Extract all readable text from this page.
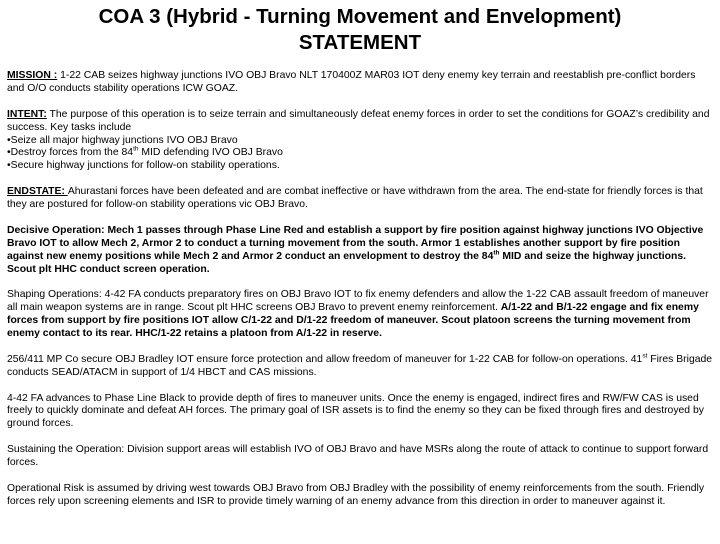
COA 3 (Hybrid - Turning Movement and Envelopment)
STATEMENT
MISSION : 1-22 CAB seizes highway junctions IVO OBJ Bravo NLT 170400Z MAR03 IOT deny enemy key terrain and reestablish pre-conflict borders and O/O conducts stability operations ICW GOAZ.
INTENT: The purpose of this operation is to seize terrain and simultaneously defeat enemy forces in order to set the conditions for GOAZ’s credibility and success. Key tasks include
•Seize all major highway junctions IVO OBJ Bravo
•Destroy forces from the 84th MID defending IVO OBJ Bravo
•Secure highway junctions for follow-on stability operations.
ENDSTATE: Ahurastani forces have been defeated and are combat ineffective or have withdrawn from the area. The end-state for friendly forces is that they are postured for follow-on stability operations vic OBJ Bravo.
Decisive Operation: Mech 1 passes through Phase Line Red and establish a support by fire position against highway junctions IVO Objective Bravo IOT to allow Mech 2, Armor 2 to conduct a turning movement from the south. Armor 1 establishes another support by fire position against new enemy positions while Mech 2 and Armor 2 conduct an envelopment to destroy the 84th MID and seize the highway junctions. Scout plt HHC conduct screen operation.
Shaping Operations: 4-42 FA conducts preparatory fires on OBJ Bravo IOT to fix enemy defenders and allow the 1-22 CAB assault freedom of maneuver all main weapon systems are in range. Scout plt HHC screens OBJ Bravo to prevent enemy reinforcement. A/1-22 and B/1-22 engage and fix enemy forces from support by fire positions IOT allow C/1-22 and D/1-22 freedom of maneuver. Scout platoon screens the turning movement from enemy contact to its rear. HHC/1-22 retains a platoon from A/1-22 in reserve.
256/411 MP Co secure OBJ Bradley IOT ensure force protection and allow freedom of maneuver for 1-22 CAB for follow-on operations. 41st Fires Brigade conducts SEAD/ATACM in support of 1/4 HBCT and CAS missions.
4-42 FA advances to Phase Line Black to provide depth of fires to maneuver units. Once the enemy is engaged, indirect fires and RW/FW CAS is used freely to quickly dominate and defeat AH forces. The primary goal of ISR assets is to find the enemy so they can be fixed through fires and destroyed by ground forces.
Sustaining the Operation: Division support areas will establish IVO of OBJ Bravo and have MSRs along the route of attack to continue to support forward forces.
Operational Risk is assumed by driving west towards OBJ Bravo from OBJ Bradley with the possibility of enemy reinforcements from the south. Friendly forces rely upon screening elements and ISR to provide timely warning of an enemy advance from this direction in order to maneuver against it.
